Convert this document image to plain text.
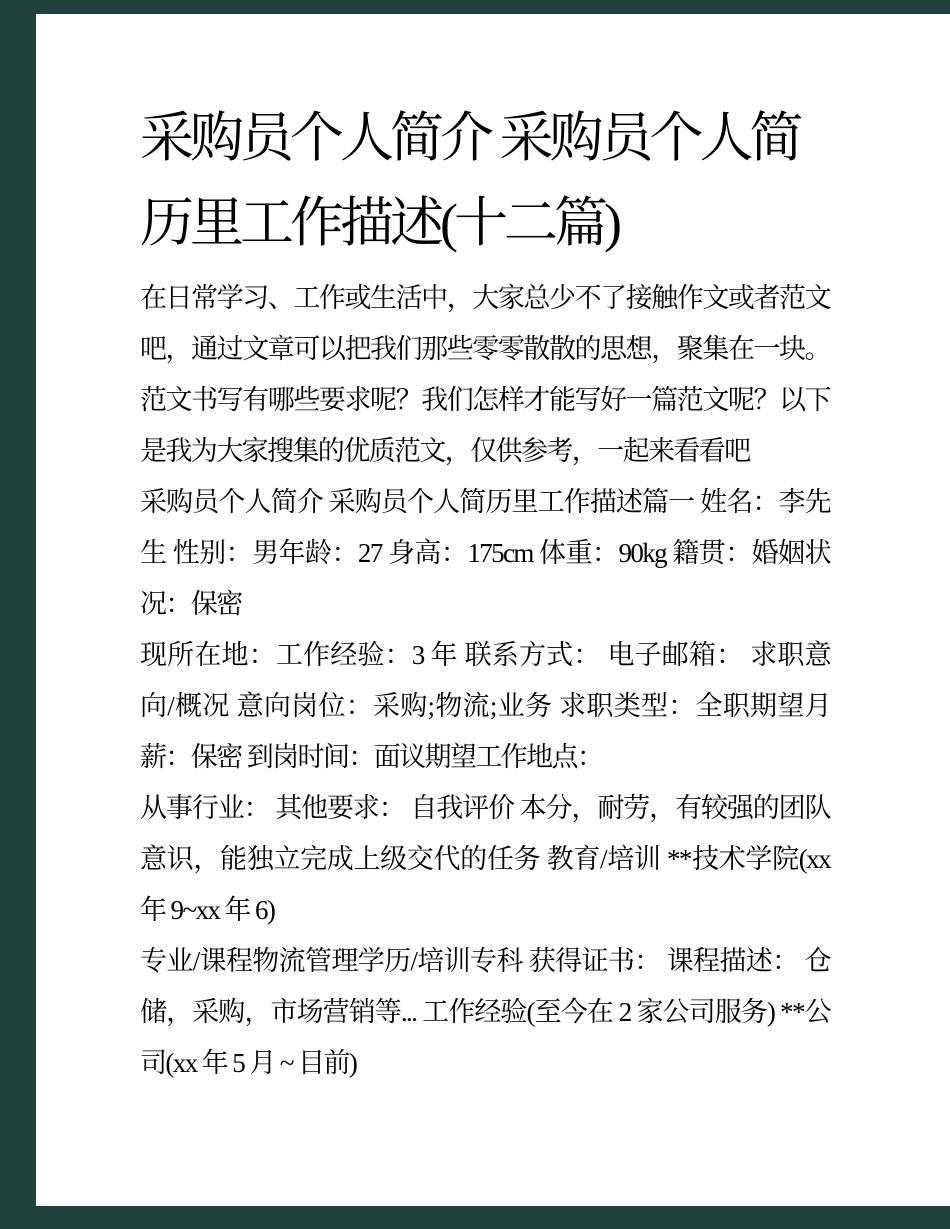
采购员个人简介 采购员个人简
历里工作描述(十二篇)
在日常学习、工作或生活中，大家总少不了接触作文或者范文
吧，通过文章可以把我们那些零零散散的思想，聚集在一块。
范文书写有哪些要求呢？我们怎样才能写好一篇范文呢？以下
是我为大家搜集的优质范文，仅供参考，一起来看看吧
采购员个人简介 采购员个人简历里工作描述篇一 姓名：李先
生 性别：男年龄：27 身高：175cm 体重：90kg 籍贯：婚姻状
况：保密
现所在地：工作经验：3 年 联系方式： 电子邮箱： 求职意
向/概况 意向岗位：采购;物流;业务 求职类型：全职期望月
薪：保密 到岗时间：面议期望工作地点：
从事行业： 其他要求： 自我评价 本分，耐劳，有较强的团队
意识，能独立完成上级交代的任务 教育/培训 **技术学院(xx
年 9~xx 年 6)
专业/课程物流管理学历/培训专科 获得证书： 课程描述： 仓
储，采购，市场营销等... 工作经验(至今在 2 家公司服务) **公
司(xx 年 5 月 ~ 目前)
